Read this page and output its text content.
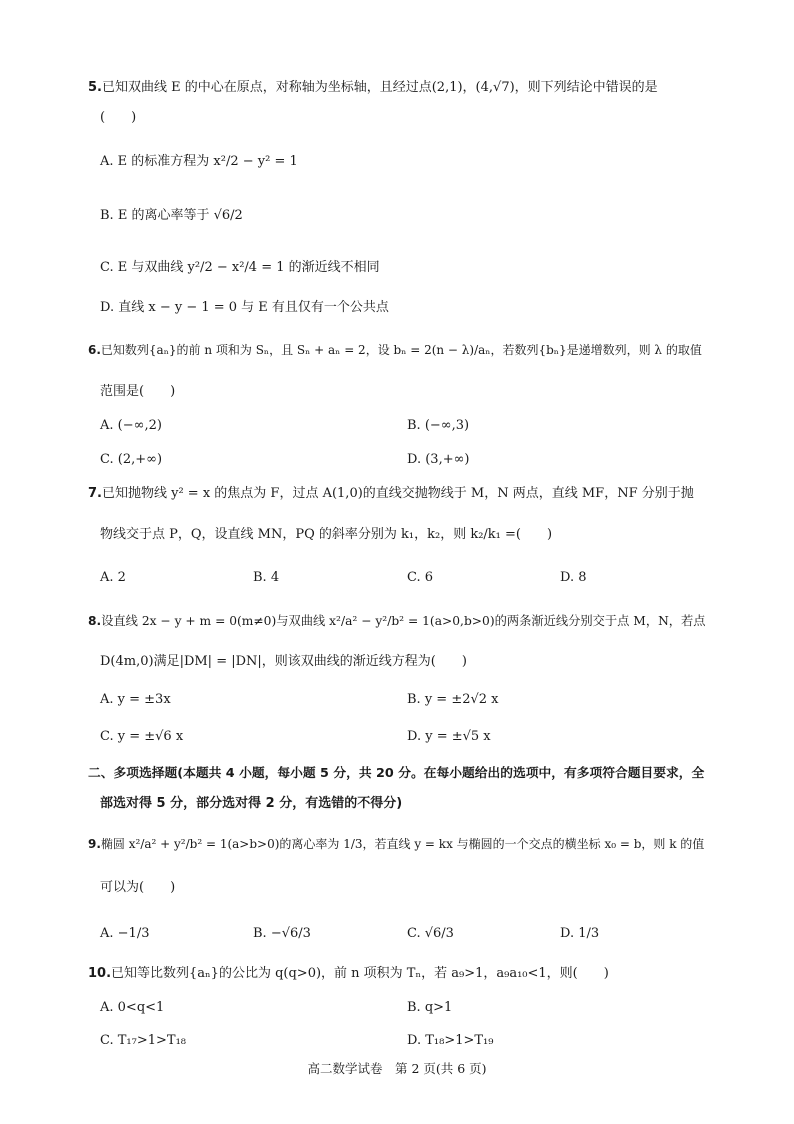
5.已知双曲线 E 的中心在原点，对称轴为坐标轴，且经过点(2,1)，(4,√7)，则下列结论中错误的是
(　　)
A. E 的标准方程为 x²/2 − y² = 1
B. E 的离心率等于 √6/2
C. E 与双曲线 y²/2 − x²/4 = 1 的渐近线不相同
D. 直线 x − y − 1 = 0 与 E 有且仅有一个公共点
6.已知数列{aₙ}的前 n 项和为 Sₙ，且 Sₙ + aₙ = 2，设 bₙ = 2(n − λ)/aₙ，若数列{bₙ}是递增数列，则 λ 的取值
范围是(　　)
A. (−∞,2)	B. (−∞,3)
C. (2,+∞)	D. (3,+∞)
7.已知抛物线 y² = x 的焦点为 F，过点 A(1,0)的直线交抛物线于 M，N 两点，直线 MF，NF 分别于抛
物线交于点 P，Q，设直线 MN，PQ 的斜率分别为 k₁，k₂，则 k₂/k₁ =(　　)
A. 2	B. 4	C. 6	D. 8
8.设直线 2x − y + m = 0(m≠0)与双曲线 x²/a² − y²/b² = 1(a>0,b>0)的两条渐近线分别交于点 M，N，若点
D(4m,0)满足|DM| = |DN|，则该双曲线的渐近线方程为(　　)
A. y = ±3x	B. y = ±2√2 x
C. y = ±√6 x	D. y = ±√5 x
二、多项选择题(本题共 4 小题，每小题 5 分，共 20 分。在每小题给出的选项中，有多项符合题目要求，全
部选对得 5 分，部分选对得 2 分，有选错的不得分)
9.椭圆 x²/a² + y²/b² = 1(a>b>0)的离心率为 1/3，若直线 y = kx 与椭圆的一个交点的横坐标 x₀ = b，则 k 的值
可以为(　　)
A. −1/3	B. −√6/3	C. √6/3	D. 1/3
10.已知等比数列{aₙ}的公比为 q(q>0)，前 n 项积为 Tₙ，若 a₉>1，a₉a₁₀<1，则(　　)
A. 0<q<1	B. q>1
C. T₁₇>1>T₁₈	D. T₁₈>1>T₁₉
高二数学试卷　第 2 页(共 6 页)
